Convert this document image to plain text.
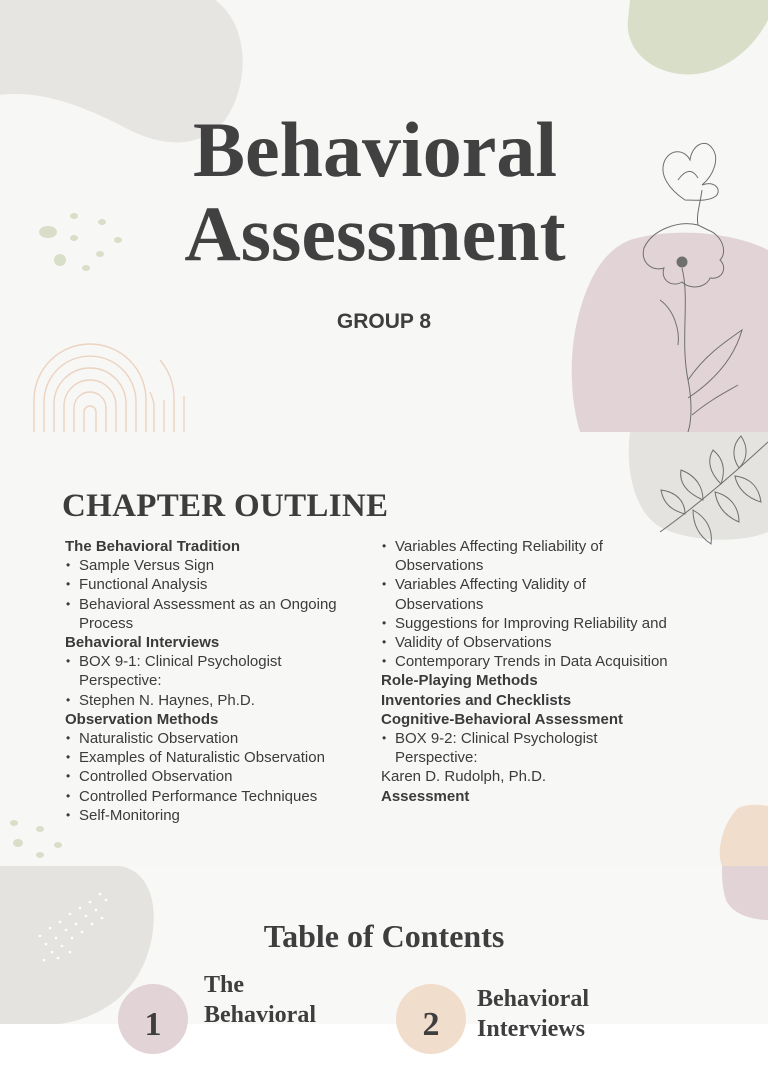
Behavioral
Assessment
GROUP 8
CHAPTER OUTLINE
The Behavioral Tradition
• Sample Versus Sign
• Functional Analysis
• Behavioral Assessment as an Ongoing
Process
Behavioral Interviews
• BOX 9-1: Clinical Psychologist
Perspective:
• Stephen N. Haynes, Ph.D.
Observation Methods
• Naturalistic Observation
• Examples of Naturalistic Observation
• Controlled Observation
• Controlled Performance Techniques
• Self-Monitoring
• Variables Affecting Reliability of
Observations
• Variables Affecting Validity of
Observations
• Suggestions for Improving Reliability and
• Validity of Observations
• Contemporary Trends in Data Acquisition
Role-Playing Methods
Inventories and Checklists
Cognitive-Behavioral Assessment
• BOX 9-2: Clinical Psychologist
Perspective:
Karen D. Rudolph, Ph.D.
Assessment
Table of Contents
1
The
Behavioral	2
Behavioral
Interviews
